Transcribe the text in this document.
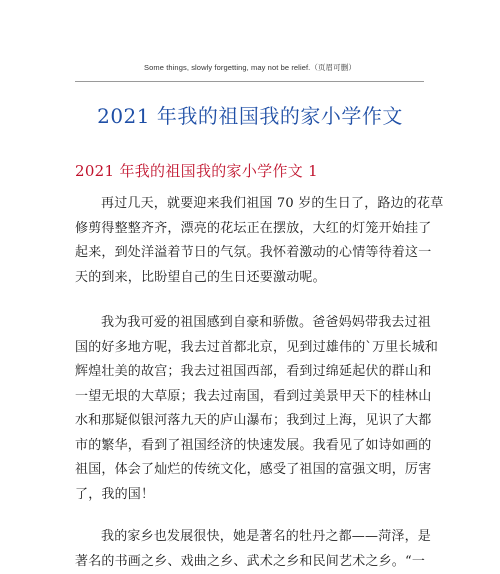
Some things, slowly forgetting, may not be relief.（页眉可删）
2021 年我的祖国我的家小学作文
2021 年我的祖国我的家小学作文 1
再过几天，就要迎来我们祖国 70 岁的生日了，路边的花草
修剪得整整齐齐，漂亮的花坛正在摆放，大红的灯笼开始挂了
起来，到处洋溢着节日的气氛。我怀着激动的心情等待着这一
天的到来，比盼望自己的生日还要激动呢。
我为我可爱的祖国感到自豪和骄傲。爸爸妈妈带我去过祖
国的好多地方呢，我去过首都北京，见到过雄伟的`万里长城和
辉煌壮美的故宫；我去过祖国西部，看到过绵延起伏的群山和
一望无垠的大草原；我去过南国，看到过美景甲天下的桂林山
水和那疑似银河落九天的庐山瀑布；我到过上海，见识了大都
市的繁华，看到了祖国经济的快速发展。我看见了如诗如画的
祖国，体会了灿烂的传统文化，感受了祖国的富强文明，厉害
了，我的国！
我的家乡也发展很快，她是著名的牡丹之都——菏泽，是
著名的书画之乡、戏曲之乡、武术之乡和民间艺术之乡。“一
